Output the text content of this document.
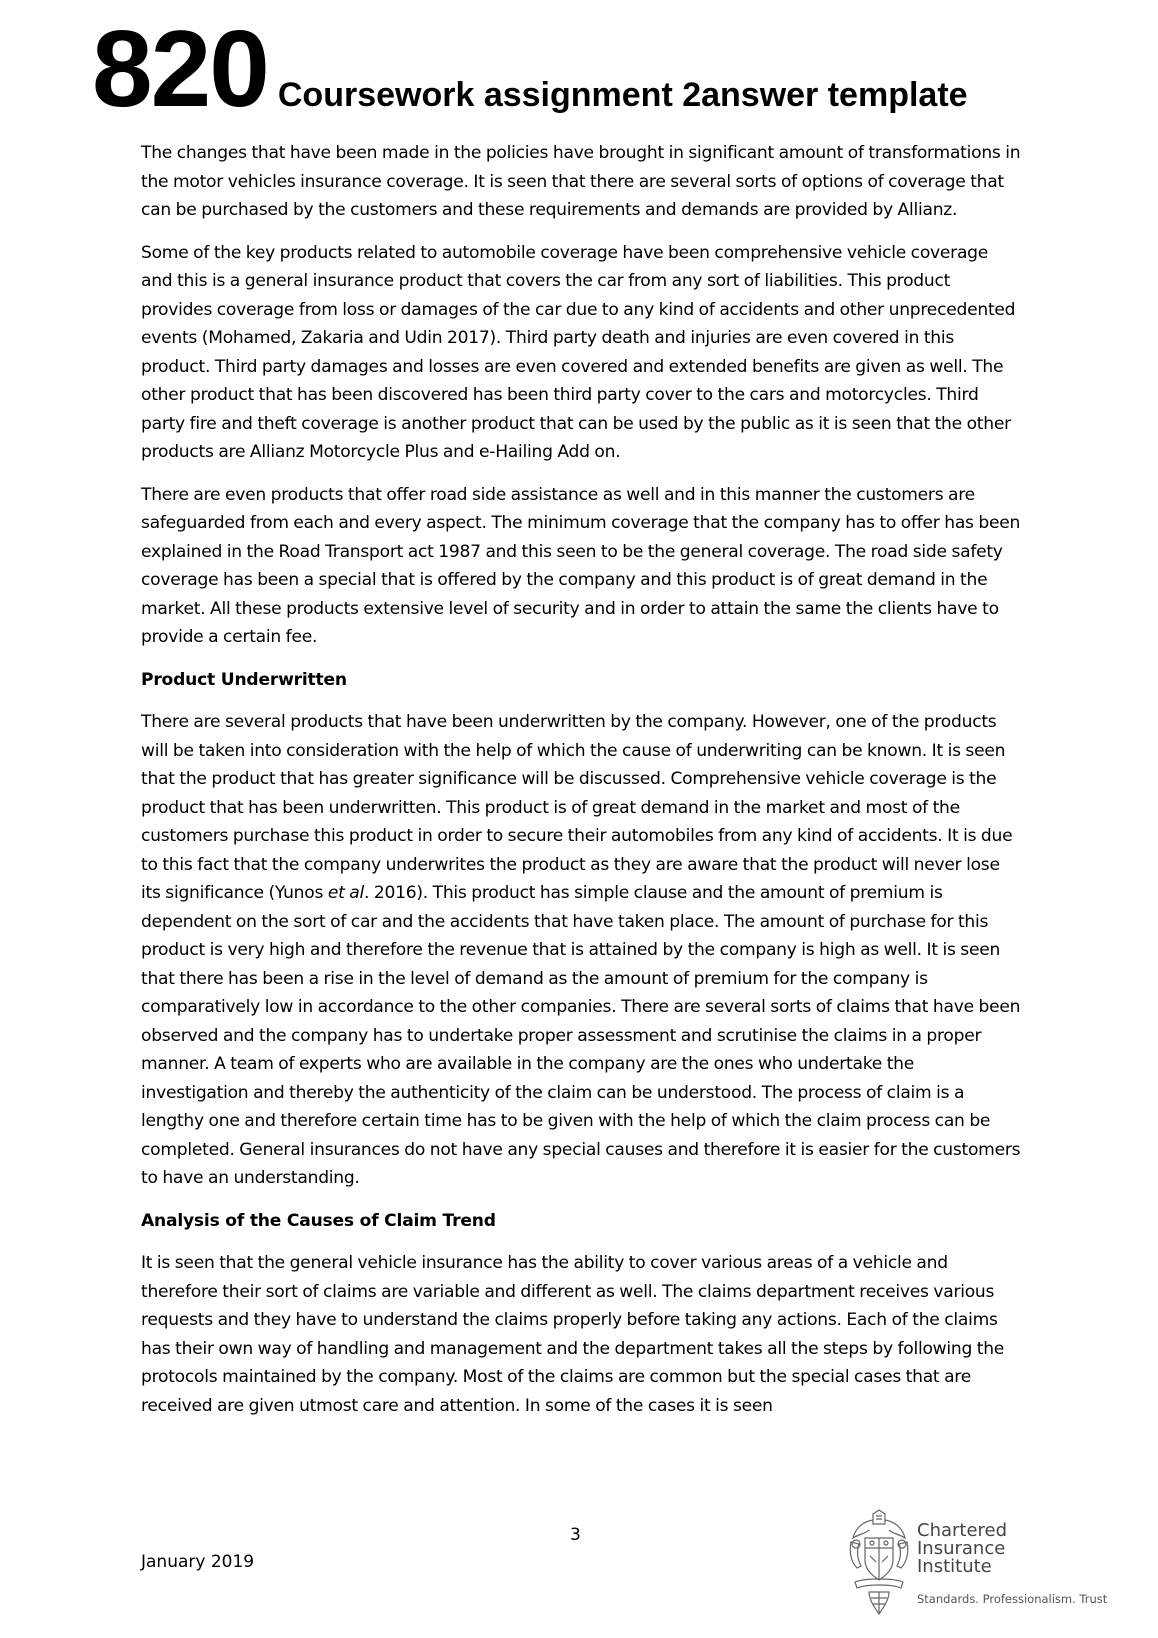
820 Coursework assignment 2answer template

The changes that have been made in the policies have brought in significant amount of transformations in the motor vehicles insurance coverage. It is seen that there are several sorts of options of coverage that can be purchased by the customers and these requirements and demands are provided by Allianz.

Some of the key products related to automobile coverage have been comprehensive vehicle coverage and this is a general insurance product that covers the car from any sort of liabilities. This product provides coverage from loss or damages of the car due to any kind of accidents and other unprecedented events (Mohamed, Zakaria and Udin 2017). Third party death and injuries are even covered in this product. Third party damages and losses are even covered and extended benefits are given as well. The other product that has been discovered has been third party cover to the cars and motorcycles. Third party fire and theft coverage is another product that can be used by the public as it is seen that the other products are Allianz Motorcycle Plus and e-Hailing Add on.

There are even products that offer road side assistance as well and in this manner the customers are safeguarded from each and every aspect. The minimum coverage that the company has to offer has been explained in the Road Transport act 1987 and this seen to be the general coverage. The road side safety coverage has been a special that is offered by the company and this product is of great demand in the market. All these products extensive level of security and in order to attain the same the clients have to provide a certain fee.

Product Underwritten

There are several products that have been underwritten by the company. However, one of the products will be taken into consideration with the help of which the cause of underwriting can be known. It is seen that the product that has greater significance will be discussed. Comprehensive vehicle coverage is the product that has been underwritten. This product is of great demand in the market and most of the customers purchase this product in order to secure their automobiles from any kind of accidents. It is due to this fact that the company underwrites the product as they are aware that the product will never lose its significance (Yunos et al. 2016). This product has simple clause and the amount of premium is dependent on the sort of car and the accidents that have taken place. The amount of purchase for this product is very high and therefore the revenue that is attained by the company is high as well. It is seen that there has been a rise in the level of demand as the amount of premium for the company is comparatively low in accordance to the other companies. There are several sorts of claims that have been observed and the company has to undertake proper assessment and scrutinise the claims in a proper manner. A team of experts who are available in the company are the ones who undertake the investigation and thereby the authenticity of the claim can be understood. The process of claim is a lengthy one and therefore certain time has to be given with the help of which the claim process can be completed. General insurances do not have any special causes and therefore it is easier for the customers to have an understanding.

Analysis of the Causes of Claim Trend

It is seen that the general vehicle insurance has the ability to cover various areas of a vehicle and therefore their sort of claims are variable and different as well. The claims department receives various requests and they have to understand the claims properly before taking any actions. Each of the claims has their own way of handling and management and the department takes all the steps by following the protocols maintained by the company. Most of the claims are common but the special cases that are received are given utmost care and attention. In some of the cases it is seen

3
January 2019
Chartered
Insurance
Institute
Standards. Professionalism. Trust
